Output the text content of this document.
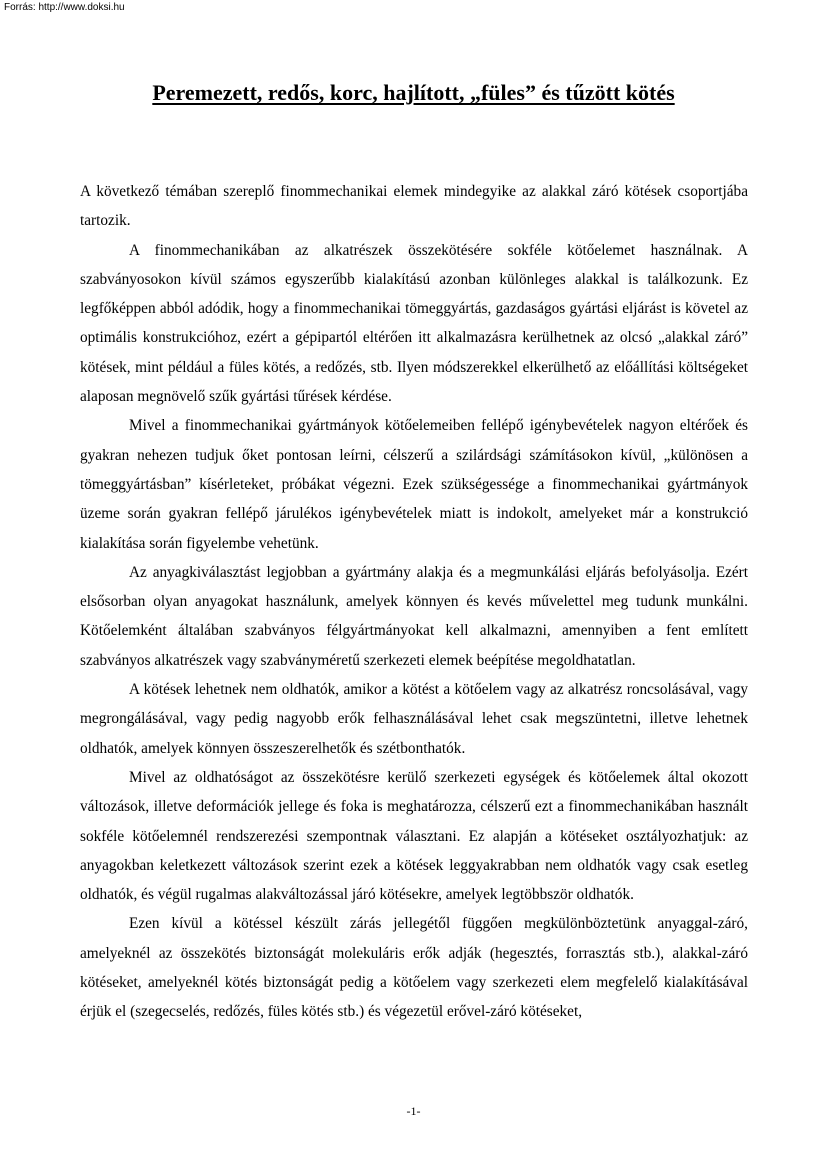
Forrás: http://www.doksi.hu
Peremezett, redős, korc, hajlított, „füles” és tűzött kötés

A következő témában szereplő finommechanikai elemek mindegyike az alakkal záró kötések csoportjába tartozik.

A finommechanikában az alkatrészek összekötésére sokféle kötőelemet használnak. A szabványosokon kívül számos egyszerűbb kialakítású azonban különleges alakkal is találkozunk. Ez legfőképpen abból adódik, hogy a finommechanikai tömeggyártás, gazdaságos gyártási eljárást is követel az optimális konstrukcióhoz, ezért a gépipartól eltérően itt alkalmazásra kerülhetnek az olcsó „alakkal záró” kötések, mint például a füles kötés, a redőzés, stb. Ilyen módszerekkel elkerülhető az előállítási költségeket alaposan megnövelő szűk gyártási tűrések kérdése.

Mivel a finommechanikai gyártmányok kötőelemeiben fellépő igénybevételek nagyon eltérőek és gyakran nehezen tudjuk őket pontosan leírni, célszerű a szilárdsági számításokon kívül, „különösen a tömeggyártásban” kísérleteket, próbákat végezni. Ezek szükségessége a finommechanikai gyártmányok üzeme során gyakran fellépő járulékos igénybevételek miatt is indokolt, amelyeket már a konstrukció kialakítása során figyelembe vehetünk.

Az anyagkiválasztást legjobban a gyártmány alakja és a megmunkálási eljárás befolyásolja. Ezért elsősorban olyan anyagokat használunk, amelyek könnyen és kevés művelettel meg tudunk munkálni. Kötőelemként általában szabványos félgyártmányokat kell alkalmazni, amennyiben a fent említett szabványos alkatrészek vagy szabványméretű szerkezeti elemek beépítése megoldhatatlan.

A kötések lehetnek nem oldhatók, amikor a kötést a kötőelem vagy az alkatrész roncsolásával, vagy megrongálásával, vagy pedig nagyobb erők felhasználásával lehet csak megszüntetni, illetve lehetnek oldhatók, amelyek könnyen összeszerelhetők és szétbonthatók.

Mivel az oldhatóságot az összekötésre kerülő szerkezeti egységek és kötőelemek által okozott változások, illetve deformációk jellege és foka is meghatározza, célszerű ezt a finommechanikában használt sokféle kötőelemnél rendszerezési szempontnak választani. Ez alapján a kötéseket osztályozhatjuk: az anyagokban keletkezett változások szerint ezek a kötések leggyakrabban nem oldhatók vagy csak esetleg oldhatók, és végül rugalmas alakváltozással járó kötésekre, amelyek legtöbbször oldhatók.

Ezen kívül a kötéssel készült zárás jellegétől függően megkülönböztetünk anyaggal-záró, amelyeknél az összekötés biztonságát molekuláris erők adják (hegesztés, forrasztás stb.), alakkal-záró kötéseket, amelyeknél kötés biztonságát pedig a kötőelem vagy szerkezeti elem megfelelő kialakításával érjük el (szegecselés, redőzés, füles kötés stb.) és végezetül erővel-záró kötéseket,

-1-
